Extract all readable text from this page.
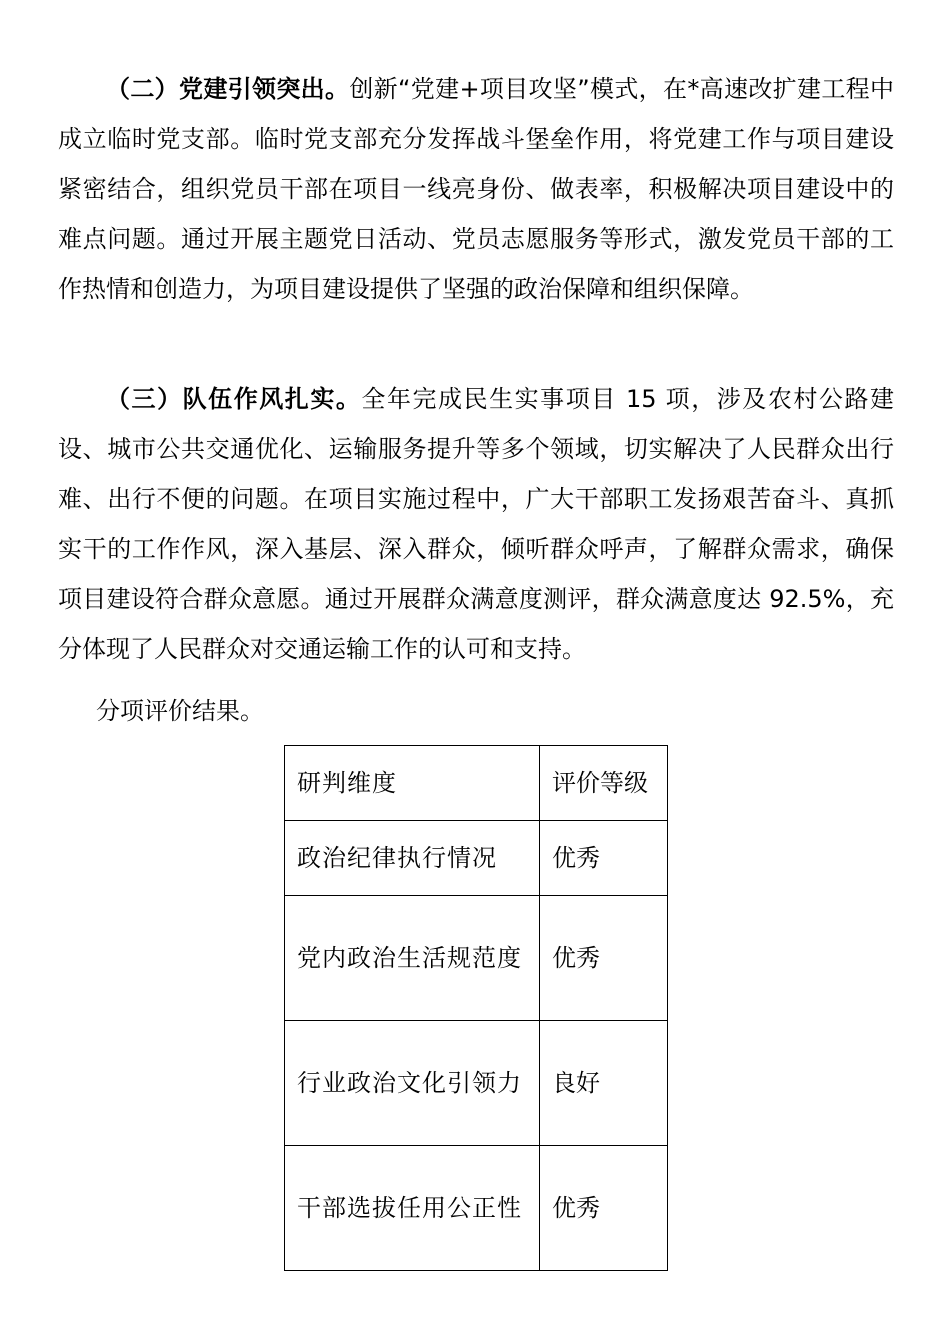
（二）党建引领突出。创新“党建+项目攻坚”模式，在*高速改扩建工程中成立临时党支部。临时党支部充分发挥战斗堡垒作用，将党建工作与项目建设紧密结合，组织党员干部在项目一线亮身份、做表率，积极解决项目建设中的难点问题。通过开展主题党日活动、党员志愿服务等形式，激发党员干部的工作热情和创造力，为项目建设提供了坚强的政治保障和组织保障。

（三）队伍作风扎实。全年完成民生实事项目 15 项，涉及农村公路建设、城市公共交通优化、运输服务提升等多个领域，切实解决了人民群众出行难、出行不便的问题。在项目实施过程中，广大干部职工发扬艰苦奋斗、真抓实干的工作作风，深入基层、深入群众，倾听群众呼声，了解群众需求，确保项目建设符合群众意愿。通过开展群众满意度测评，群众满意度达 92.5%，充分体现了人民群众对交通运输工作的认可和支持。

分项评价结果。

研判维度	评价等级
政治纪律执行情况	优秀
党内政治生活规范度	优秀
行业政治文化引领力	良好
干部选拔任用公正性	优秀
